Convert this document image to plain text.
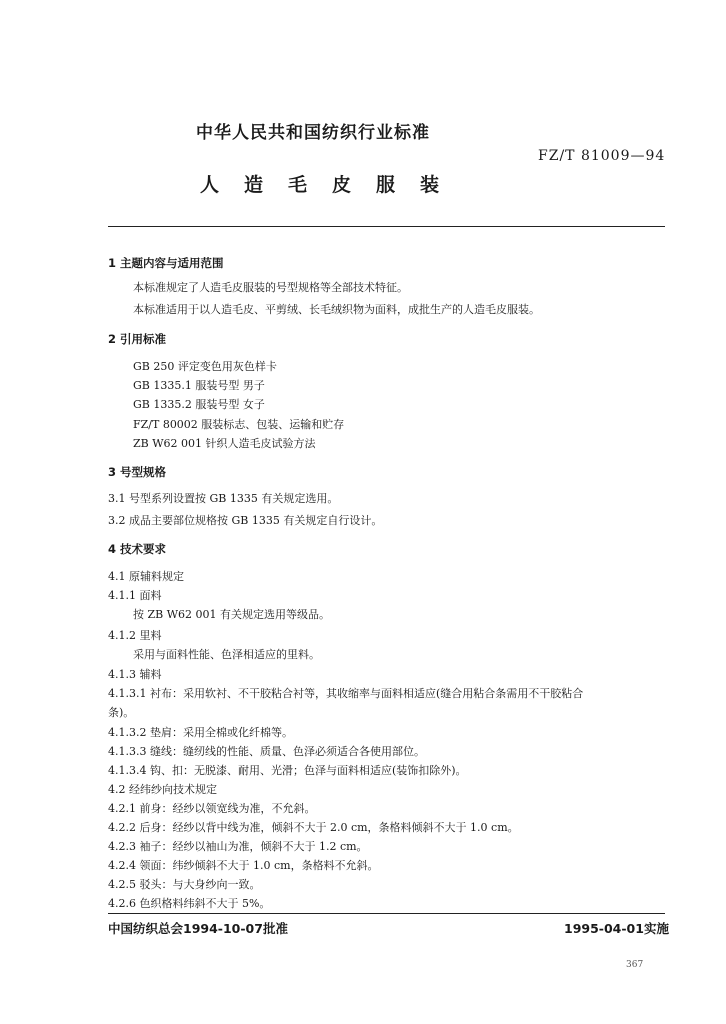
中华人民共和国纺织行业标准
FZ/T 81009—94
人造毛皮服装
1 主题内容与适用范围
本标准规定了人造毛皮服装的号型规格等全部技术特征。
本标准适用于以人造毛皮、平剪绒、长毛绒织物为面料，成批生产的人造毛皮服装。
2 引用标准
GB 250 评定变色用灰色样卡
GB 1335.1 服装号型 男子
GB 1335.2 服装号型 女子
FZ/T 80002 服装标志、包装、运输和贮存
ZB W62 001 针织人造毛皮试验方法
3 号型规格
3.1 号型系列设置按 GB 1335 有关规定选用。
3.2 成品主要部位规格按 GB 1335 有关规定自行设计。
4 技术要求
4.1 原辅料规定
4.1.1 面料
按 ZB W62 001 有关规定选用等级品。
4.1.2 里料
采用与面料性能、色泽相适应的里料。
4.1.3 辅料
4.1.3.1 衬布：采用软衬、不干胶粘合衬等，其收缩率与面料相适应(缝合用粘合条需用不干胶粘合
条)。
4.1.3.2 垫肩：采用全棉或化纤棉等。
4.1.3.3 缝线：缝纫线的性能、质量、色泽必须适合各使用部位。
4.1.3.4 钩、扣：无脱漆、耐用、光滑；色泽与面料相适应(装饰扣除外)。
4.2 经纬纱向技术规定
4.2.1 前身：经纱以领宽线为准，不允斜。
4.2.2 后身：经纱以背中线为准，倾斜不大于 2.0 cm，条格料倾斜不大于 1.0 cm。
4.2.3 袖子：经纱以袖山为准，倾斜不大于 1.2 cm。
4.2.4 领面：纬纱倾斜不大于 1.0 cm，条格料不允斜。
4.2.5 驳头：与大身纱向一致。
4.2.6 色织格料纬斜不大于 5%。
中国纺织总会1994-10-07批准	1995-04-01实施
367
